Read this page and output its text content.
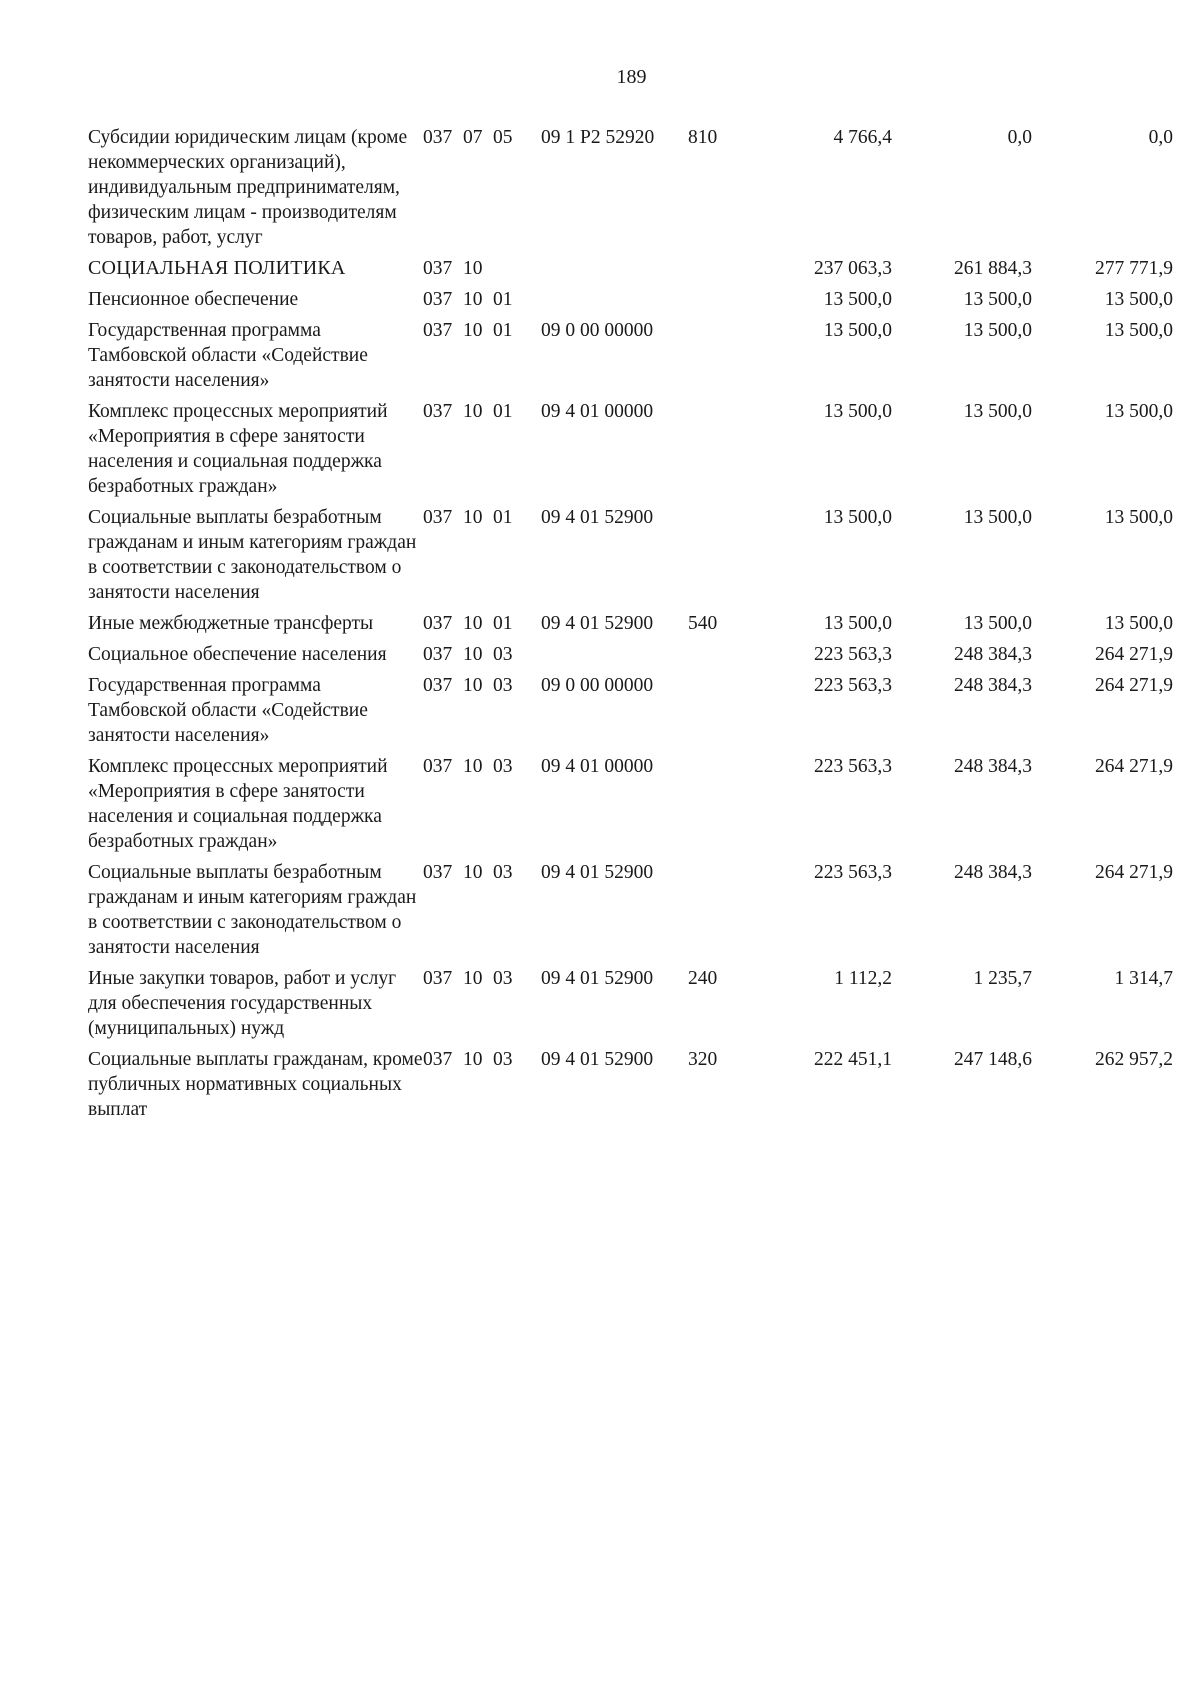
189
Субсидии юридическим лицам (кроме некоммерческих организаций), индивидуальным предпринимателям, физическим лицам - производителям товаров, работ, услуг	037	07	05	09 1 Р2 52920	810	4 766,4	0,0	0,0
СОЦИАЛЬНАЯ ПОЛИТИКА	037	10				237 063,3	261 884,3	277 771,9
Пенсионное обеспечение	037	10	01			13 500,0	13 500,0	13 500,0
Государственная программа Тамбовской области «Содействие занятости населения»	037	10	01	09 0 00 00000		13 500,0	13 500,0	13 500,0
Комплекс процессных мероприятий «Мероприятия в сфере занятости населения и социальная поддержка безработных граждан»	037	10	01	09 4 01 00000		13 500,0	13 500,0	13 500,0
Социальные выплаты безработным гражданам и иным категориям граждан в соответствии с законодательством о занятости населения	037	10	01	09 4 01 52900		13 500,0	13 500,0	13 500,0
Иные межбюджетные трансферты	037	10	01	09 4 01 52900	540	13 500,0	13 500,0	13 500,0
Социальное обеспечение населения	037	10	03			223 563,3	248 384,3	264 271,9
Государственная программа Тамбовской области «Содействие занятости населения»	037	10	03	09 0 00 00000		223 563,3	248 384,3	264 271,9
Комплекс процессных мероприятий «Мероприятия в сфере занятости населения и социальная поддержка безработных граждан»	037	10	03	09 4 01 00000		223 563,3	248 384,3	264 271,9
Социальные выплаты безработным гражданам и иным категориям граждан в соответствии с законодательством о занятости населения	037	10	03	09 4 01 52900		223 563,3	248 384,3	264 271,9
Иные закупки товаров, работ и услуг для обеспечения государственных (муниципальных) нужд	037	10	03	09 4 01 52900	240	1 112,2	1 235,7	1 314,7
Социальные выплаты гражданам, кроме публичных нормативных социальных выплат	037	10	03	09 4 01 52900	320	222 451,1	247 148,6	262 957,2
